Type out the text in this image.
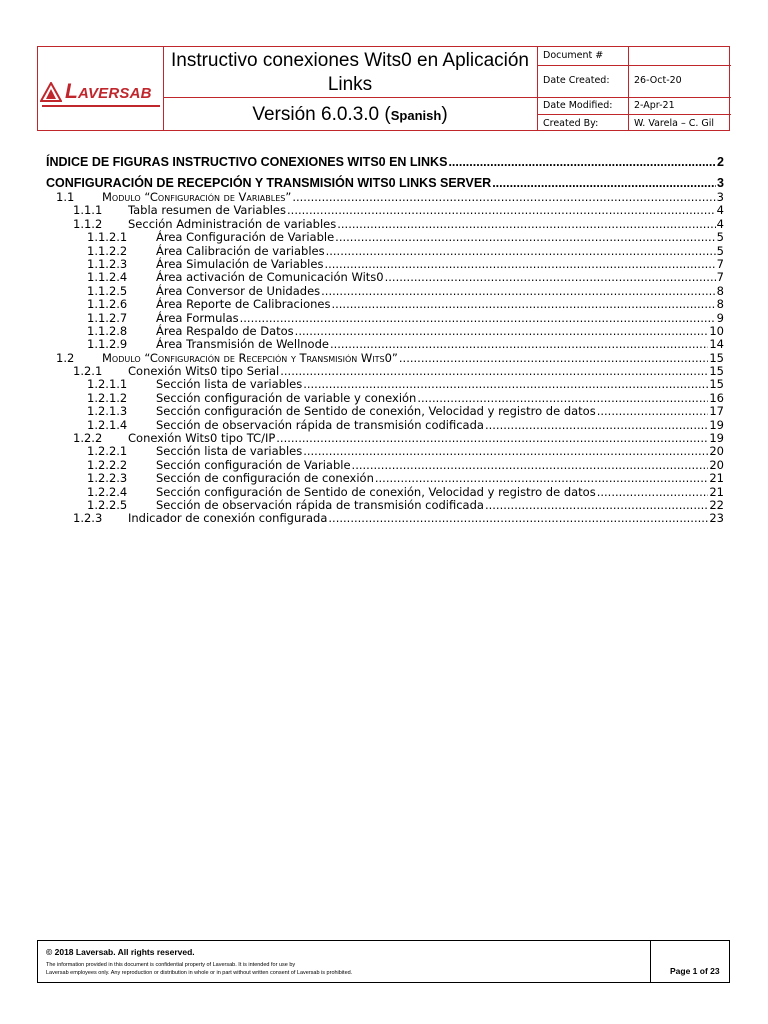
LAVERSAB
Instructivo conexiones Wits0 en Aplicación Links
Versión 6.0.3.0 (Spanish)
Document #
Date Created:	26-Oct-20
Date Modified: 2-Apr-21
Created By:	W. Varela – C. Gil
ÍNDICE DE FIGURAS INSTRUCTIVO CONEXIONES WITS0 EN LINKS .....	2
CONFIGURACIÓN DE RECEPCIÓN Y TRANSMISIÓN WITS0 LINKS SERVER .....	3
1.1	Modulo “Configuración de Variables” .....	3
1.1.1	Tabla resumen de Variables .....	4
1.1.2	Sección Administración de variables .....	4
1.1.2.1	Área Configuración de Variable .....	5
1.1.2.2	Área Calibración de variables .....	5
1.1.2.3	Área Simulación de Variables .....	7
1.1.2.4	Área activación de Comunicación Wits0 .....	7
1.1.2.5	Área Conversor de Unidades .....	8
1.1.2.6	Área Reporte de Calibraciones .....	8
1.1.2.7	Área Formulas .....	9
1.1.2.8	Área Respaldo de Datos .....	10
1.1.2.9	Área Transmisión de Wellnode .....	14
1.2	Modulo “Configuración de Recepción y Transmisión Wits0” .....	15
1.2.1	Conexión Wits0 tipo Serial .....	15
1.2.1.1	Sección lista de variables .....	15
1.2.1.2	Sección configuración de variable y conexión .....	16
1.2.1.3	Sección configuración de Sentido de conexión, Velocidad y registro de datos .....	17
1.2.1.4	Sección de observación rápida de transmisión codificada .....	19
1.2.2	Conexión Wits0 tipo TC/IP .....	19
1.2.2.1	Sección lista de variables .....	20
1.2.2.2	Sección configuración de Variable .....	20
1.2.2.3	Sección de configuración de conexión .....	21
1.2.2.4	Sección configuración de Sentido de conexión, Velocidad y registro de datos .....	21
1.2.2.5	Sección de observación rápida de transmisión codificada .....	22
1.2.3	Indicador de conexión configurada .....	23
© 2018 Laversab. All rights reserved.
The information provided in this document is confidential property of Laversab. It is intended for use by
Laversab employees only. Any reproduction or distribution in whole or in part without written consent of Laversab is prohibited.	Page 1 of 23
